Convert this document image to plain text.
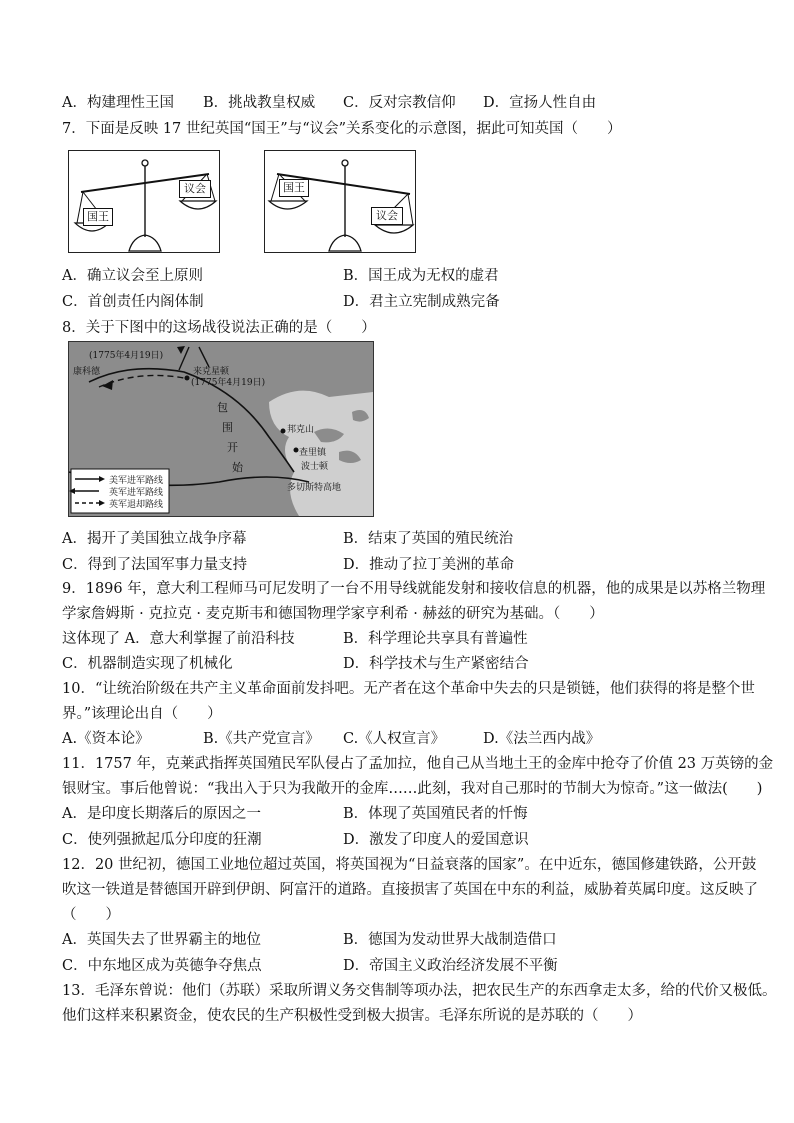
A．构建理性王国 B．挑战教皇权威 C．反对宗教信仰 D．宣扬人性自由
7．下面是反映 17 世纪英国“国王”与“议会”关系变化的示意图，据此可知英国（　　）
国王
议会	国王
议会
A．确立议会至上原则	B．国王成为无权的虚君
C．首创责任内阁体制	D．君主立宪制成熟完备
8．关于下图中的这场战役说法正确的是（　　）
(1775年4月19日)
康科德	来克星顿
(1775年4月19日)
包
围
开
始
邦克山
查里镇
波士顿
多切斯特高地
美军进军路线
英军进军路线
英军退却路线
A．揭开了美国独立战争序幕	B．结束了英国的殖民统治
C．得到了法国军事力量支持	D．推动了拉丁美洲的革命
9．1896 年，意大利工程师马可尼发明了一台不用导线就能发射和接收信息的机器，他的成果是以苏格兰物理
学家詹姆斯 · 克拉克 · 麦克斯韦和德国物理学家亨利希 · 赫兹的研究为基础。（　　）
这体现了 A．意大利掌握了前沿科技	B．科学理论共享具有普遍性
C．机器制造实现了机械化	D．科学技术与生产紧密结合
10．“让统治阶级在共产主义革命面前发抖吧。无产者在这个革命中失去的只是锁链，他们获得的将是整个世
界。”该理论出自（　　）
A.《资本论》	B.《共产党宣言》 C.《人权宣言》	D.《法兰西内战》
11．1757 年，克莱武指挥英国殖民军队侵占了孟加拉，他自己从当地土王的金库中抢夺了价值 23 万英镑的金
银财宝。事后他曾说：“我出入于只为我敞开的金库……此刻，我对自己那时的节制大为惊奇。”这一做法(　　)
A．是印度长期落后的原因之一	B．体现了英国殖民者的忏悔
C．使列强掀起瓜分印度的狂潮	D．激发了印度人的爱国意识
12．20 世纪初，德国工业地位超过英国，将英国视为“日益衰落的国家”。在中近东，德国修建铁路，公开鼓
吹这一铁道是替德国开辟到伊朗、阿富汗的道路。直接损害了英国在中东的利益，威胁着英属印度。这反映了
（　　）
A．英国失去了世界霸主的地位	B．德国为发动世界大战制造借口
C．中东地区成为英德争夺焦点	D．帝国主义政治经济发展不平衡
13．毛泽东曾说：他们（苏联）采取所谓义务交售制等项办法，把农民生产的东西拿走太多，给的代价又极低。
他们这样来积累资金，使农民的生产积极性受到极大损害。毛泽东所说的是苏联的（　　）
